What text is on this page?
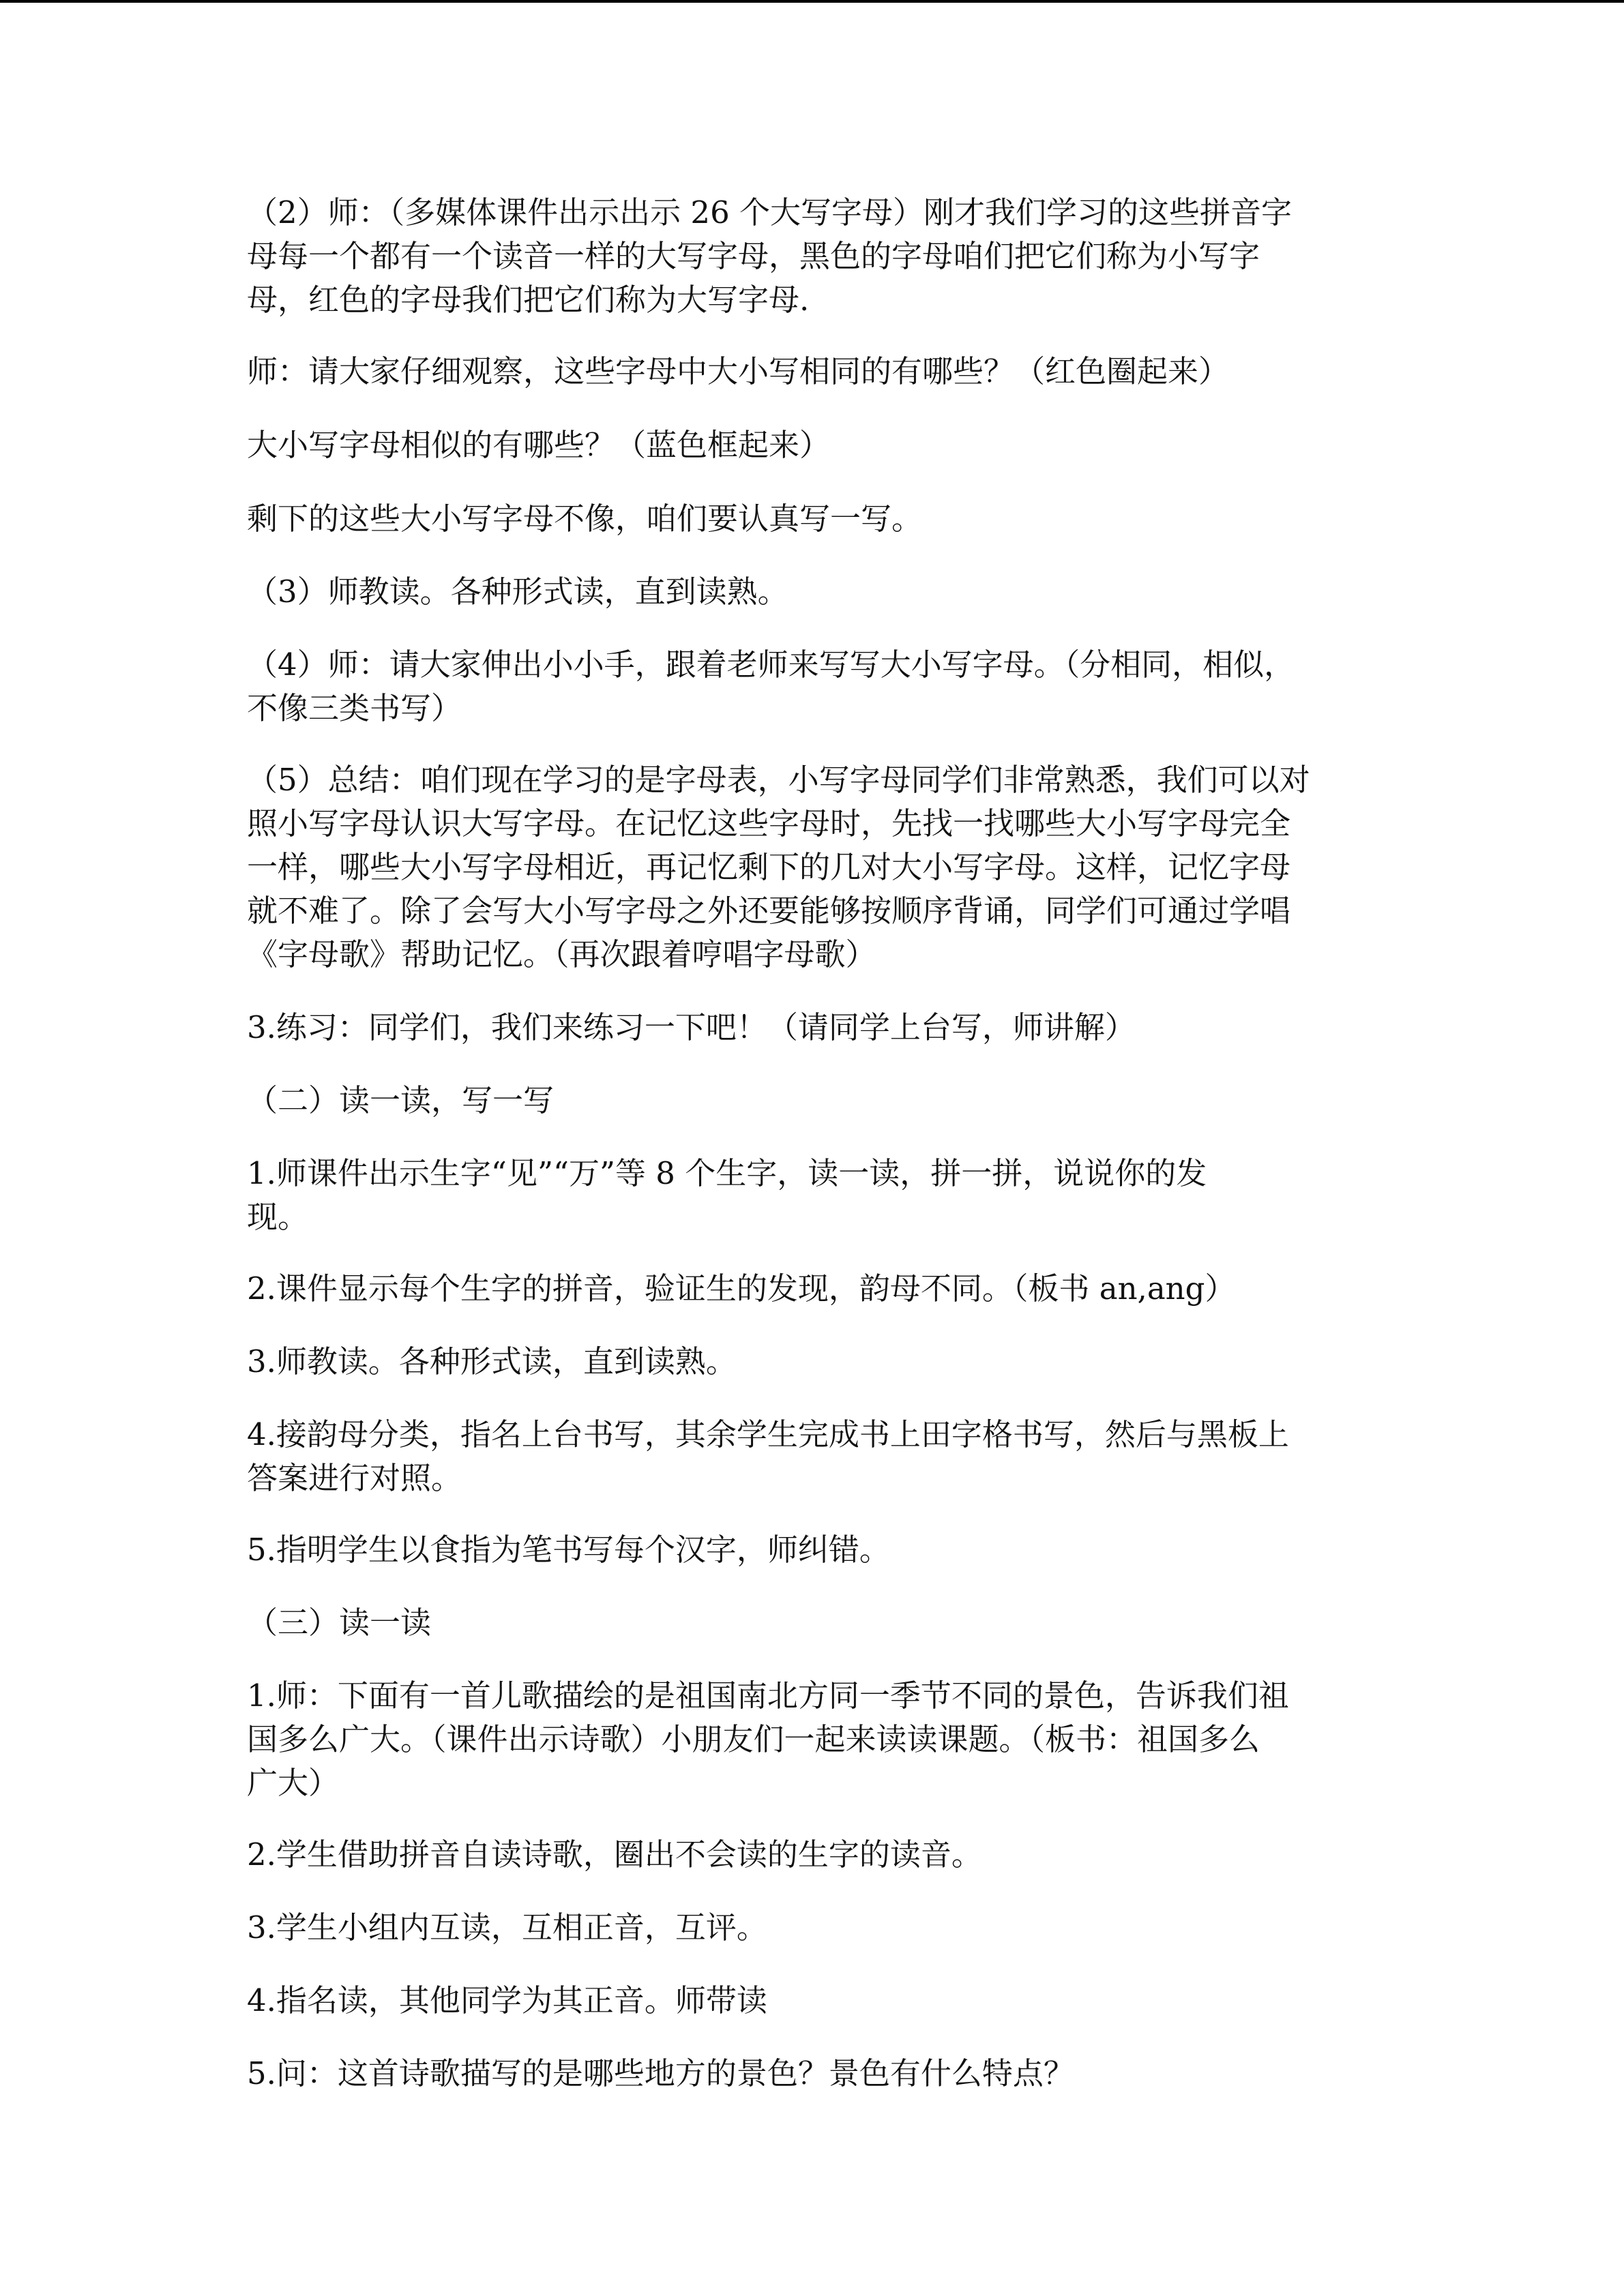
（2）师：（多媒体课件出示出示 26 个大写字母）刚才我们学习的这些拼音字
母每一个都有一个读音一样的大写字母，黑色的字母咱们把它们称为小写字
母，红色的字母我们把它们称为大写字母.

师：请大家仔细观察，这些字母中大小写相同的有哪些？（红色圈起来）

大小写字母相似的有哪些？（蓝色框起来）

剩下的这些大小写字母不像，咱们要认真写一写。

（3）师教读。各种形式读，直到读熟。

（4）师：请大家伸出小小手，跟着老师来写写大小写字母。（分相同，相似，
不像三类书写）

（5）总结：咱们现在学习的是字母表，小写字母同学们非常熟悉，我们可以对
照小写字母认识大写字母。在记忆这些字母时，先找一找哪些大小写字母完全
一样，哪些大小写字母相近，再记忆剩下的几对大小写字母。这样，记忆字母
就不难了。除了会写大小写字母之外还要能够按顺序背诵，同学们可通过学唱
《字母歌》帮助记忆。（再次跟着哼唱字母歌）

3.练习：同学们，我们来练习一下吧！（请同学上台写，师讲解）

（二）读一读，写一写

1.师课件出示生字“见”“万”等 8 个生字，读一读，拼一拼，说说你的发
现。

2.课件显示每个生字的拼音，验证生的发现，韵母不同。（板书 an,ang）

3.师教读。各种形式读，直到读熟。

4.接韵母分类，指名上台书写，其余学生完成书上田字格书写，然后与黑板上
答案进行对照。

5.指明学生以食指为笔书写每个汉字，师纠错。

（三）读一读

1.师：下面有一首儿歌描绘的是祖国南北方同一季节不同的景色，告诉我们祖
国多么广大。（课件出示诗歌）小朋友们一起来读读课题。（板书：祖国多么
广大）

2.学生借助拼音自读诗歌，圈出不会读的生字的读音。

3.学生小组内互读，互相正音，互评。

4.指名读，其他同学为其正音。师带读

5.问：这首诗歌描写的是哪些地方的景色？景色有什么特点？
